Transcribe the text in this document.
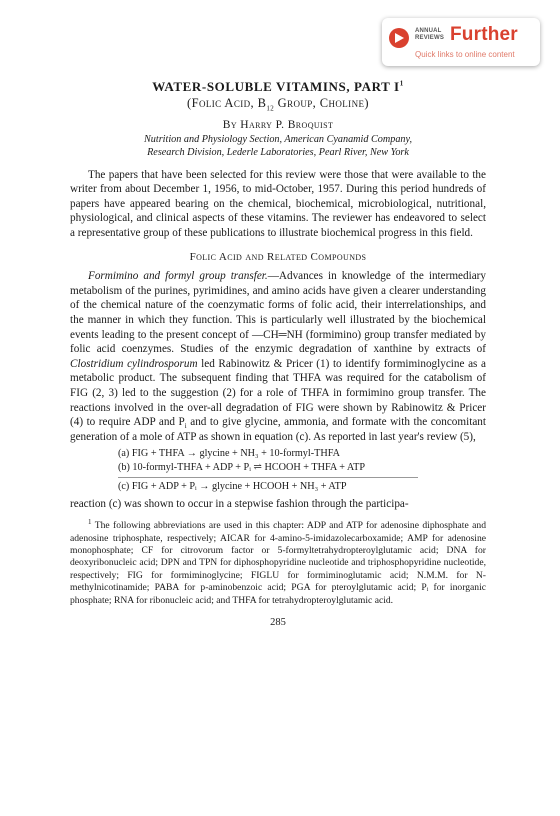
ANNUAL
REVIEWS Further
Quick links to online content
WATER-SOLUBLE VITAMINS, PART $I^1$
(Folic Acid, $B_{12}$ Group, Choline)
By Harry P. Broquist
Nutrition and Physiology Section, American Cyanamid Company,
Research Division, Lederle Laboratories, Pearl River, New York

The papers that have been selected for this review were those that were available to the writer from about December 1, 1956, to mid-October, 1957. During this period hundreds of papers have appeared bearing on the chemical, biochemical, microbiological, nutritional, physiological, and clinical aspects of these vitamins. The reviewer has endeavored to select a representative group of these publications to illustrate biochemical progress in this field.

Folic Acid and Related Compounds

Formimino and formyl group transfer.—Advances in knowledge of the intermediary metabolism of the purines, pyrimidines, and amino acids have given a clearer understanding of the chemical nature of the coenzymatic forms of folic acid, their interrelationships, and the manner in which they function. This is particularly well illustrated by the biochemical events leading to the present concept of —CH═NH (formimino) group transfer mediated by folic acid coenzymes. Studies of the enzymic degradation of xanthine by extracts of Clostridium cylindrosporum led Rabinowitz & Pricer (1) to identify formiminoglycine as a metabolic product. The subsequent finding that THFA was required for the catabolism of FIG (2, 3) led to the suggestion (2) for a role of THFA in formimino group transfer. The reactions involved in the over-all degradation of FIG were shown by Rabinowitz & Pricer (4) to require ADP and $P_i$ and to give glycine, ammonia, and formate with the concomitant generation of a mole of ATP as shown in equation (c). As reported in last year's review (5),

(a) FIG + THFA → glycine + NH₃ + 10-formyl-THFA
(b) 10-formyl-THFA + ADP + Pᵢ ⇌ HCOOH + THFA + ATP
(c) FIG + ADP + Pᵢ → glycine + HCOOH + NH₃ + ATP

reaction (c) was shown to occur in a stepwise fashion through the participa-

$^1$ The following abbreviations are used in this chapter: ADP and ATP for adenosine diphosphate and adenosine triphosphate, respectively; AICAR for 4-amino-5-imidazolecarboxamide; AMP for adenosine monophosphate; CF for citrovorum factor or 5-formyltetrahydropteroylglutamic acid; DNA for deoxyribonucleic acid; DPN and TPN for diphosphopyridine nucleotide and triphosphopyridine nucleotide, respectively; FIG for formiminoglycine; FIGLU for formiminoglutamic acid; N.M.M. for N-methylnicotinamide; PABA for p-aminobenzoic acid; PGA for pteroylglutamic acid; Pᵢ for inorganic phosphate; RNA for ribonucleic acid; and THFA for tetrahydropteroylglutamic acid.

285
